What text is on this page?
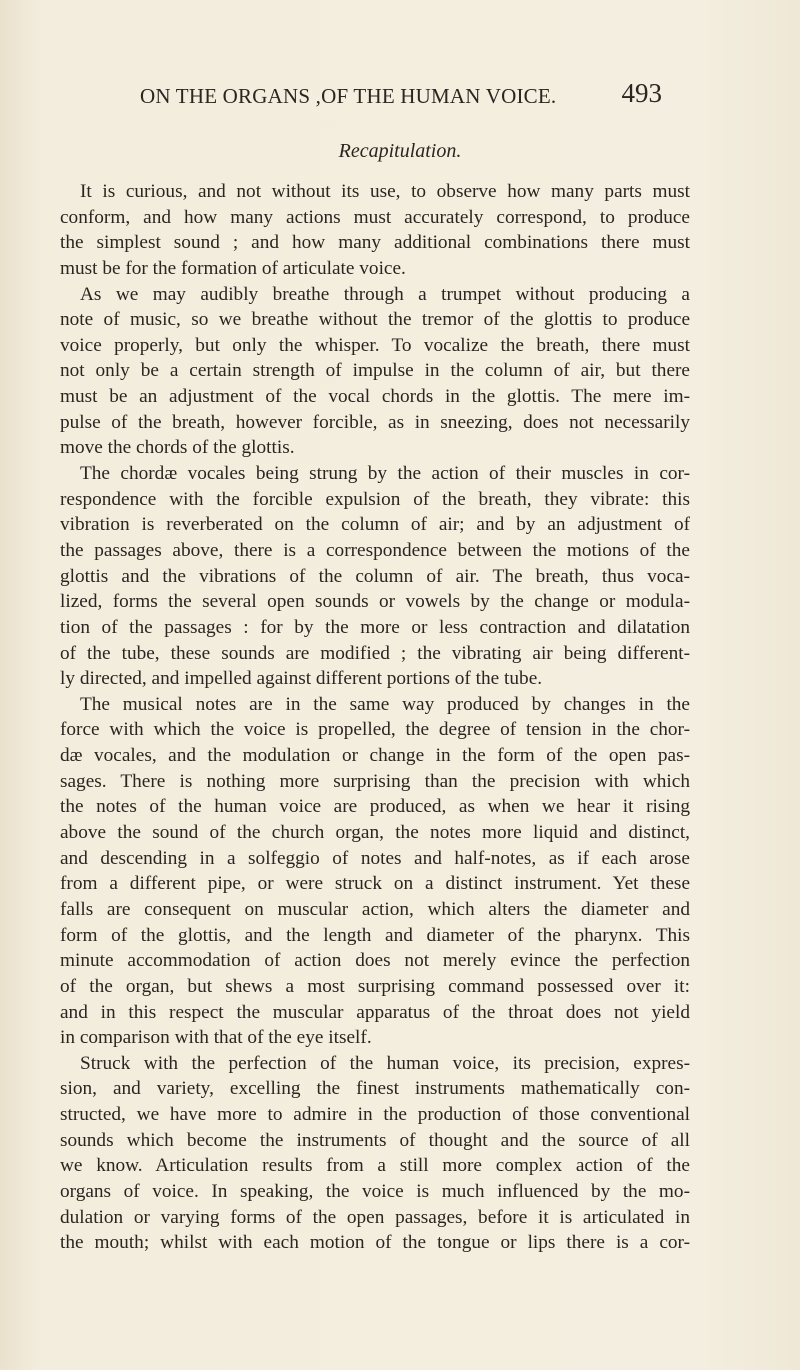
ON THE ORGANS ,OF THE HUMAN VOICE. 493
Recapitulation.
It is curious, and not without its use, to observe how many parts must
conform, and how many actions must accurately correspond, to produce
the simplest sound ; and how many additional combinations there must
must be for the formation of articulate voice.
As we may audibly breathe through a trumpet without producing a
note of music, so we breathe without the tremor of the glottis to produce
voice properly, but only the whisper. To vocalize the breath, there must
not only be a certain strength of impulse in the column of air, but there
must be an adjustment of the vocal chords in the glottis. The mere im-
pulse of the breath, however forcible, as in sneezing, does not necessarily
move the chords of the glottis.
The chordæ vocales being strung by the action of their muscles in cor-
respondence with the forcible expulsion of the breath, they vibrate: this
vibration is reverberated on the column of air; and by an adjustment of
the passages above, there is a correspondence between the motions of the
glottis and the vibrations of the column of air. The breath, thus voca-
lized, forms the several open sounds or vowels by the change or modula-
tion of the passages : for by the more or less contraction and dilatation
of the tube, these sounds are modified ; the vibrating air being different-
ly directed, and impelled against different portions of the tube.
The musical notes are in the same way produced by changes in the
force with which the voice is propelled, the degree of tension in the chor-
dæ vocales, and the modulation or change in the form of the open pas-
sages. There is nothing more surprising than the precision with which
the notes of the human voice are produced, as when we hear it rising
above the sound of the church organ, the notes more liquid and distinct,
and descending in a solfeggio of notes and half-notes, as if each arose
from a different pipe, or were struck on a distinct instrument. Yet these
falls are consequent on muscular action, which alters the diameter and
form of the glottis, and the length and diameter of the pharynx. This
minute accommodation of action does not merely evince the perfection
of the organ, but shews a most surprising command possessed over it:
and in this respect the muscular apparatus of the throat does not yield
in comparison with that of the eye itself.
Struck with the perfection of the human voice, its precision, expres-
sion, and variety, excelling the finest instruments mathematically con-
structed, we have more to admire in the production of those conventional
sounds which become the instruments of thought and the source of all
we know. Articulation results from a still more complex action of the
organs of voice. In speaking, the voice is much influenced by the mo-
dulation or varying forms of the open passages, before it is articulated in
the mouth; whilst with each motion of the tongue or lips there is a cor-
